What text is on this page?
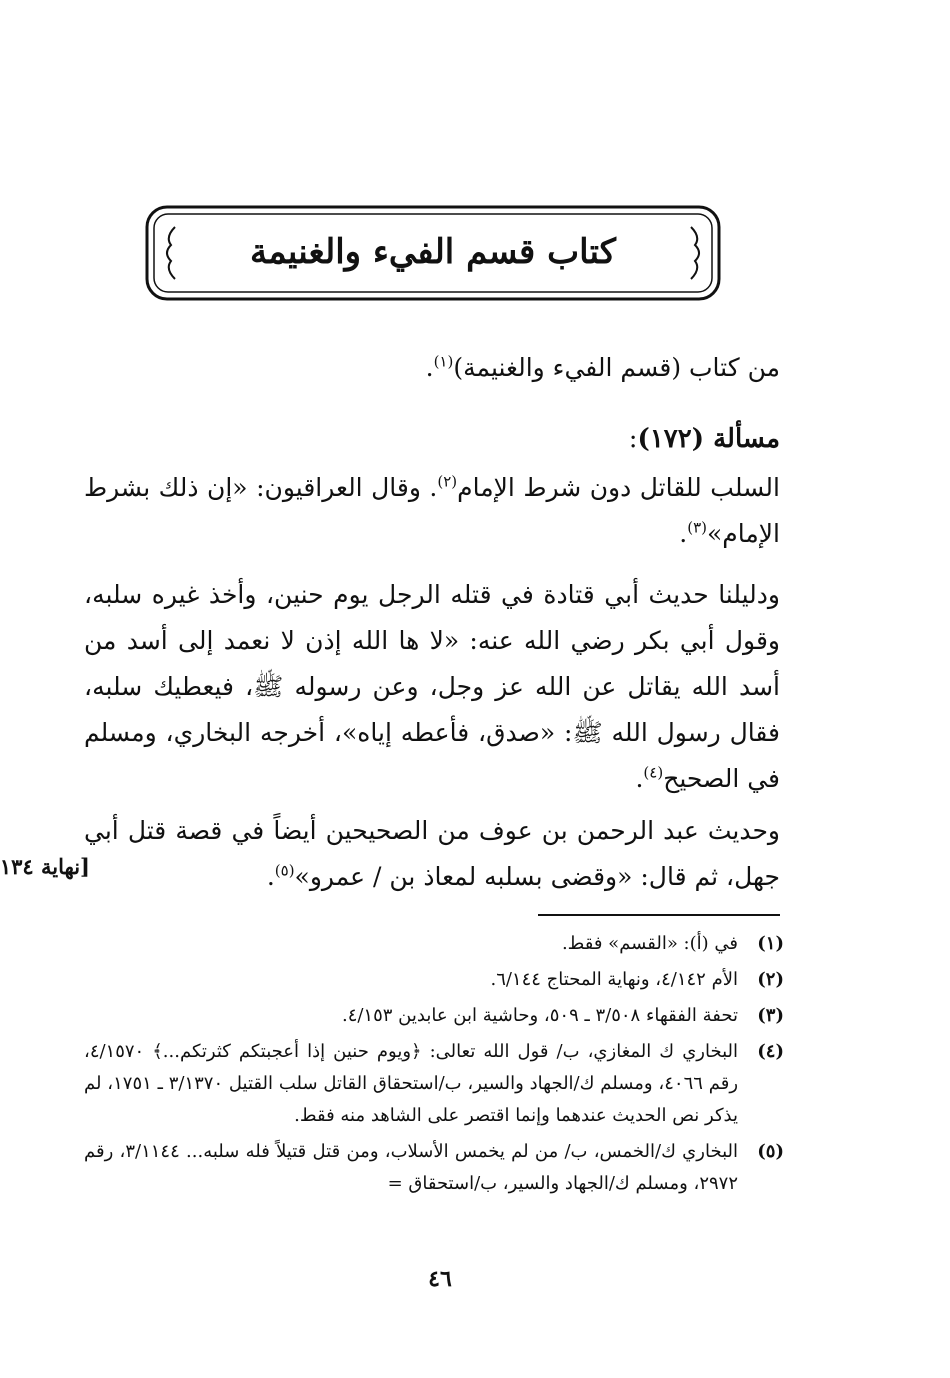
كتاب قسم الفيء والغنيمة

من كتاب (قسم الفيء والغنيمة)$^{(١)}$.

مسألة (١٧٢):

السلب للقاتل دون شرط الإمام$^{(٢)}$. وقال العراقيون: «إن ذلك بشرط الإمام»$^{(٣)}$.

ودليلنا حديث أبي قتادة في قتله الرجل يوم حنين، وأخذ غيره سلبه، وقول أبي بكر رضي الله عنه: «لا ها الله إذن لا نعمد إلى أسد من أسد الله يقاتل عن الله عز وجل، وعن رسوله ﷺ، فيعطيك سلبه، فقال رسول الله ﷺ: «صدق، فأعطه إياه»، أخرجه البخاري، ومسلم في الصحيح$^{(٤)}$.

وحديث عبد الرحمن بن عوف من الصحيحين أيضاً في قصة قتل أبي جهل، ثم قال: «وقضى بسلبه لمعاذ بن / عمرو»$^{(٥)}$.

[نهاية ١٣٤
(١)
في (أ): «القسم» فقط.
(٢)
الأم ٤/١٤٢، ونهاية المحتاج ٦/١٤٤.
(٣)
تحفة الفقهاء ٣/٥٠٨ ـ ٥٠٩، وحاشية ابن عابدين ٤/١٥٣.
(٤)
البخاري ك المغازي، ب/ قول الله تعالى: ﴿ويوم حنين إذا أعجبتكم كثرتكم...﴾ ٤/١٥٧٠، رقم ٤٠٦٦، ومسلم ك/الجهاد والسير، ب/استحقاق القاتل سلب القتيل ٣/١٣٧٠ ـ ١٧٥١، لم يذكر نص الحديث عندهما وإنما اقتصر على الشاهد منه فقط.
(٥)
البخاري ك/الخمس، ب/ من لم يخمس الأسلاب، ومن قتل قتيلاً فله سلبه... ٣/١١٤٤، رقم ٢٩٧٢، ومسلم ك/الجهاد والسير، ب/استحقاق =
٤٦
